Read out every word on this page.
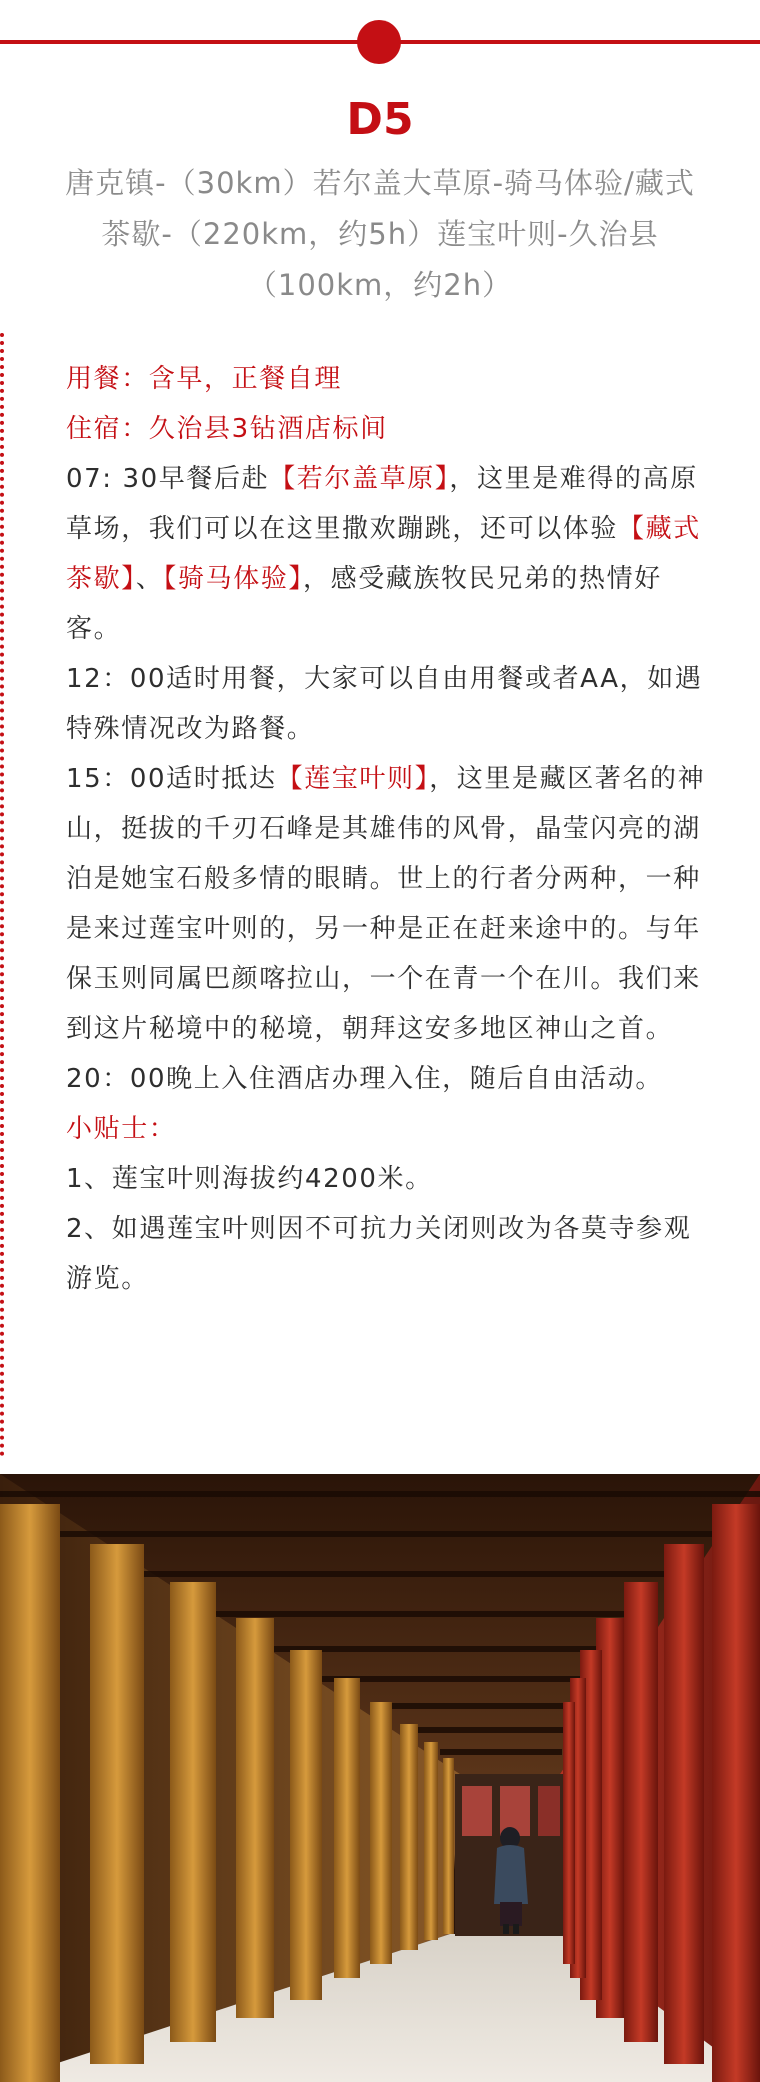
D5
唐克镇-（30km）若尔盖大草原-骑马体验/藏式茶歇-（220km，约5h）莲宝叶则-久治县（100km，约2h）

用餐：含早，正餐自理

住宿：久治县3钻酒店标间

07: 30早餐后赴【若尔盖草原】，这里是难得的高原草场，我们可以在这里撒欢蹦跳，还可以体验【藏式茶歇】、【骑马体验】，感受藏族牧民兄弟的热情好客。

12：00适时用餐，大家可以自由用餐或者AA，如遇特殊情况改为路餐。

15：00适时抵达【莲宝叶则】，这里是藏区著名的神山，挺拔的千刃石峰是其雄伟的风骨，晶莹闪亮的湖泊是她宝石般多情的眼睛。世上的行者分两种，一种是来过莲宝叶则的，另一种是正在赶来途中的。与年保玉则同属巴颜喀拉山，一个在青一个在川。我们来到这片秘境中的秘境，朝拜这安多地区神山之首。

20：00晚上入住酒店办理入住，随后自由活动。

小贴士：

1、莲宝叶则海拔约4200米。

2、如遇莲宝叶则因不可抗力关闭则改为各莫寺参观游览。
